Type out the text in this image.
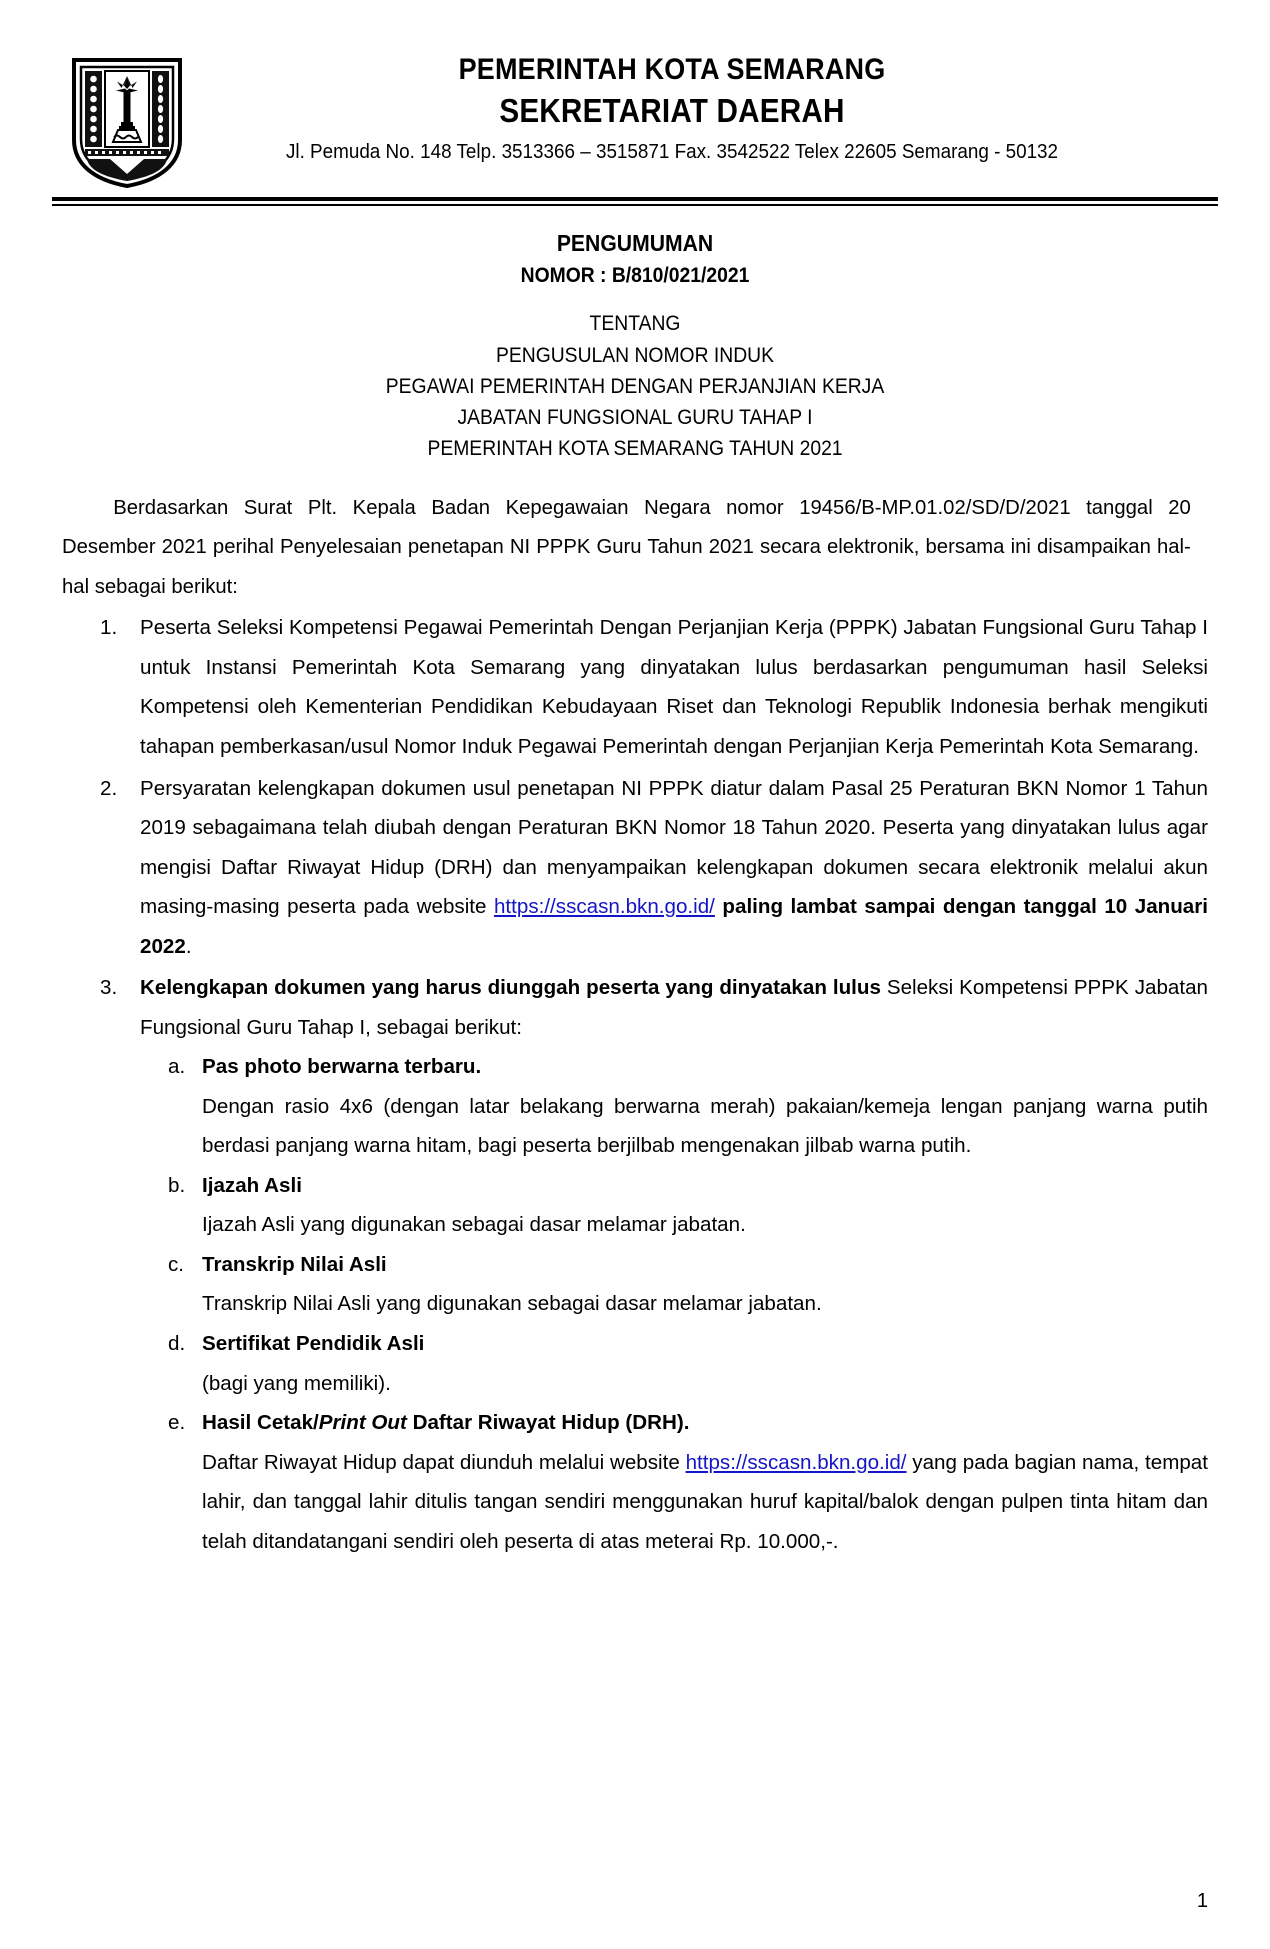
PEMERINTAH KOTA SEMARANG
SEKRETARIAT DAERAH
Jl. Pemuda No. 148 Telp. 3513366 – 3515871 Fax. 3542522 Telex 22605 Semarang - 50132
PENGUMUMAN
NOMOR : B/810/021/2021
TENTANG
PENGUSULAN NOMOR INDUK
PEGAWAI PEMERINTAH DENGAN PERJANJIAN KERJA
JABATAN FUNGSIONAL GURU TAHAP I
PEMERINTAH KOTA SEMARANG TAHUN 2021

Berdasarkan Surat Plt. Kepala Badan Kepegawaian Negara nomor 19456/B-MP.01.02/SD/D/2021 tanggal 20 Desember 2021 perihal Penyelesaian penetapan NI PPPK Guru Tahun 2021 secara elektronik, bersama ini disampaikan hal-hal sebagai berikut:

1.	Peserta Seleksi Kompetensi Pegawai Pemerintah Dengan Perjanjian Kerja (PPPK) Jabatan Fungsional Guru Tahap I untuk Instansi Pemerintah Kota Semarang yang dinyatakan lulus berdasarkan pengumuman hasil Seleksi Kompetensi oleh Kementerian Pendidikan Kebudayaan Riset dan Teknologi Republik Indonesia berhak mengikuti tahapan pemberkasan/usul Nomor Induk Pegawai Pemerintah dengan Perjanjian Kerja Pemerintah Kota Semarang.
2.	Persyaratan kelengkapan dokumen usul penetapan NI PPPK diatur dalam Pasal 25 Peraturan BKN Nomor 1 Tahun 2019 sebagaimana telah diubah dengan Peraturan BKN Nomor 18 Tahun 2020. Peserta yang dinyatakan lulus agar mengisi Daftar Riwayat Hidup (DRH) dan menyampaikan kelengkapan dokumen secara elektronik melalui akun masing-masing peserta pada website https://sscasn.bkn.go.id/ paling lambat sampai dengan tanggal 10 Januari 2022.
3.	Kelengkapan dokumen yang harus diunggah peserta yang dinyatakan lulus Seleksi Kompetensi PPPK Jabatan Fungsional Guru Tahap I, sebagai berikut:
a. Pas photo berwarna terbaru.
Dengan rasio 4x6 (dengan latar belakang berwarna merah) pakaian/kemeja lengan panjang warna putih berdasi panjang warna hitam, bagi peserta berjilbab mengenakan jilbab warna putih.
b. Ijazah Asli
Ijazah Asli yang digunakan sebagai dasar melamar jabatan.
c. Transkrip Nilai Asli
Transkrip Nilai Asli yang digunakan sebagai dasar melamar jabatan.
d. Sertifikat Pendidik Asli
(bagi yang memiliki).
e. Hasil Cetak/Print Out Daftar Riwayat Hidup (DRH).
Daftar Riwayat Hidup dapat diunduh melalui website https://sscasn.bkn.go.id/ yang pada bagian nama, tempat lahir, dan tanggal lahir ditulis tangan sendiri menggunakan huruf kapital/balok dengan pulpen tinta hitam dan telah ditandatangani sendiri oleh peserta di atas meterai Rp. 10.000,-.
1
